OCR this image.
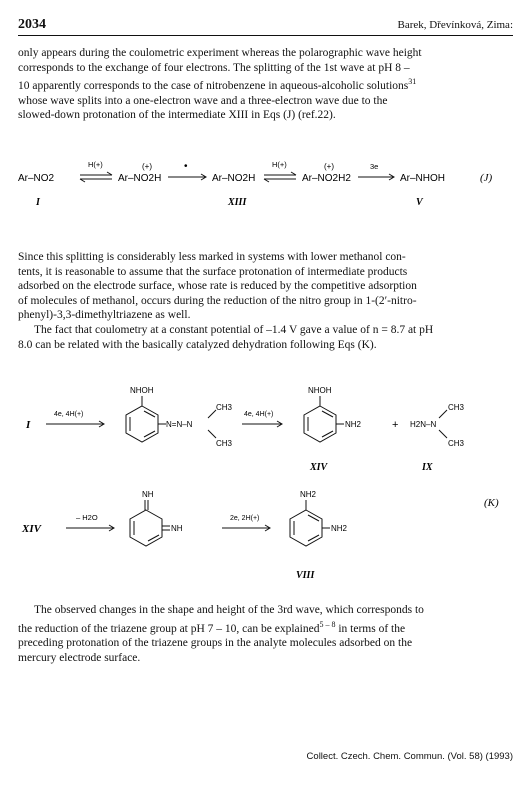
2034	Barek, Dřevínková, Zima:
only appears during the coulometric experiment whereas the polarographic wave height
corresponds to the exchange of four electrons. The splitting of the 1st wave at pH 8 –
10 apparently corresponds to the case of nitrobenzene in aqueous-alcoholic solutions$^{31}$
whose wave splits into a one-electron wave and a three-electron wave due to the
slowed-down protonation of the intermediate XIII in Eqs (J) (ref.22).
Ar–NO2	Ar–NO2H
(+)
Ar–NO2H	Ar–NO2H2
(+)
Ar–NHOH
H(+)	•	H(+)	3e
I	XIII	V
(J)
Since this splitting is considerably less marked in systems with lower methanol con-
tents, it is reasonable to assume that the surface protonation of intermediate products
adsorbed on the electrode surface, whose rate is reduced by the competitive adsorption
of molecules of methanol, occurs during the reduction of the nitro group in 1-(2′-nitro-
phenyl)-3,3-dimethyltriazene as well.
The fact that coulometry at a constant potential of –1.4 V gave a value of n = 8.7 at pH
8.0 can be related with the basically catalyzed dehydration following Eqs (K).
I
4e, 4H(+)
NHOH
N=N–N
CH3
CH3
4e, 4H(+)
NHOH
NH2	+ H2N–N
CH3
CH3
XIV	IX
XIV
– H2O
NH
NH
2e, 2H(+)
NH2
NH2
VIII
(K)
The observed changes in the shape and height of the 3rd wave, which corresponds to
the reduction of the triazene group at pH 7 – 10, can be explained$^{5 - 8}$ in terms of the
preceding protonation of the triazene groups in the analyte molecules adsorbed on the
mercury electrode surface.
Collect. Czech. Chem. Commun. (Vol. 58) (1993)
